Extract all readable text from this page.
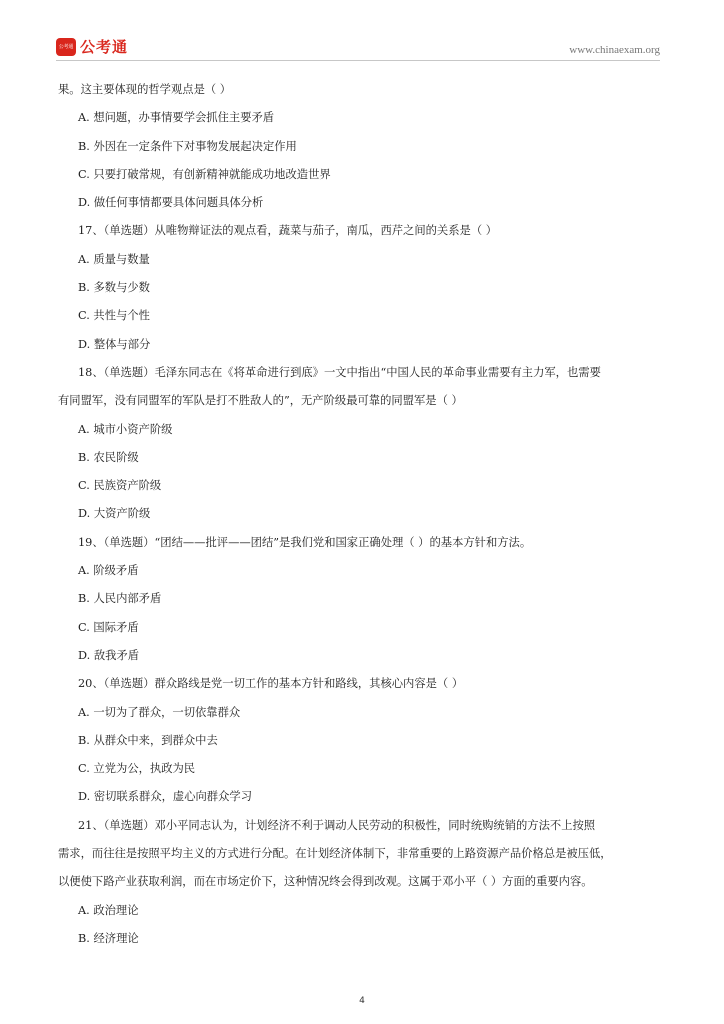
公考通 公考通	www.chinaexam.org
果。这主要体现的哲学观点是（ ）
A. 想问题，办事情要学会抓住主要矛盾
B. 外因在一定条件下对事物发展起决定作用
C. 只要打破常规，有创新精神就能成功地改造世界
D. 做任何事情都要具体问题具体分析
17、（单选题）从唯物辩证法的观点看，蔬菜与茄子，南瓜，西芹之间的关系是（ ）
A. 质量与数量
B. 多数与少数
C. 共性与个性
D. 整体与部分
18、（单选题）毛泽东同志在《将革命进行到底》一文中指出“中国人民的革命事业需要有主力军，也需要
有同盟军，没有同盟军的军队是打不胜敌人的”，无产阶级最可靠的同盟军是（ ）
A. 城市小资产阶级
B. 农民阶级
C. 民族资产阶级
D. 大资产阶级
19、（单选题）“团结——批评——团结”是我们党和国家正确处理（ ）的基本方针和方法。
A. 阶级矛盾
B. 人民内部矛盾
C. 国际矛盾
D. 敌我矛盾
20、（单选题）群众路线是党一切工作的基本方针和路线，其核心内容是（ ）
A. 一切为了群众，一切依靠群众
B. 从群众中来，到群众中去
C. 立党为公，执政为民
D. 密切联系群众，虚心向群众学习
21、（单选题）邓小平同志认为，计划经济不利于调动人民劳动的积极性，同时统购统销的方法不上按照
需求，而往往是按照平均主义的方式进行分配。在计划经济体制下，非常重要的上路资源产品价格总是被压低，
以便使下路产业获取利润，而在市场定价下，这种情况终会得到改观。这属于邓小平（ ）方面的重要内容。
A. 政治理论
B. 经济理论
4
